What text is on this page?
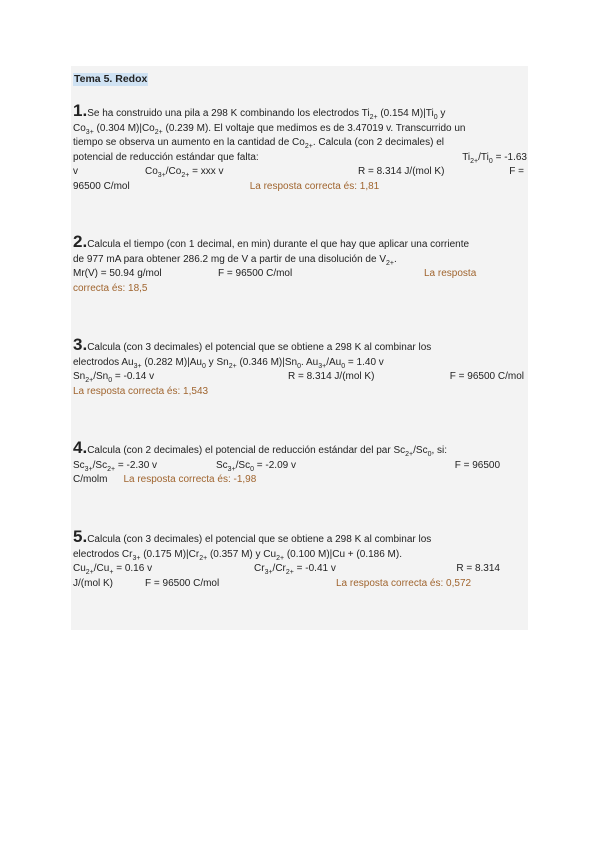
Tema 5. Redox
1.Se ha construido una pila a 298 K combinando los electrodos $Ti_{2+}$ (0.154 $M)|Ti_0$ y
$Co_{3+}$ (0.304 $M)|Co_{2+}$ (0.239 M). El voltaje que medimos es de 3.47019 v. Transcurrido un
tiempo se observa un aumento en la cantidad de $Co_{2+}$. Calcula (con 2 decimales) el
potencial de reducción estándar que falta:	$Ti_{2+}/Ti_0 = -1.63$
v	$Co_{3+}/Co_{2+}$ = xxx v	R = 8.314 J/(mol K)	F =
96500 C/mol	La resposta correcta és: 1,81
2.Calcula el tiempo (con 1 decimal, en min) durante el que hay que aplicar una corriente
de 977 mA para obtener 286.2 mg de V a partir de una disolución de $V_{2+}$.
Mr(V) = 50.94 g/mol	F = 96500 C/mol	La resposta
correcta és: 18,5
3.Calcula (con 3 decimales) el potencial que se obtiene a 298 K al combinar los
electrodos $Au_{3+}$ (0.282 $M)|Au_0$ y $Sn_{2+}$ (0.346 $M)|Sn_0$. $Au_{3+}/Au_0 = 1.40$ v
$Sn_{2+}/Sn_0 = -0.14$ v	R = 8.314 J/(mol K)	F = 96500 C/mol
La resposta correcta és: 1,543
4.Calcula (con 2 decimales) el potencial de reducción estándar del par $Sc_{2+}/Sc_0$, si:
$Sc_{3+}/Sc_{2+} = -2.30$ v	$Sc_{3+}/Sc_0 = -2.09$ v	F = 96500
C/molm La resposta correcta és: -1,98
5.Calcula (con 3 decimales) el potencial que se obtiene a 298 K al combinar los
electrodos $Cr_{3+}$ (0.175 $M)|Cr_{2+}$ (0.357 M) y $Cu_{2+}$ (0.100 M)|Cu + (0.186 M).
$Cu_{2+}/Cu_+ = 0.16$ v	$Cr_{3+}/Cr_{2+} = -0.41$ v	R = 8.314
J/(mol K)	F = 96500 C/mol	La resposta correcta és: 0,572
